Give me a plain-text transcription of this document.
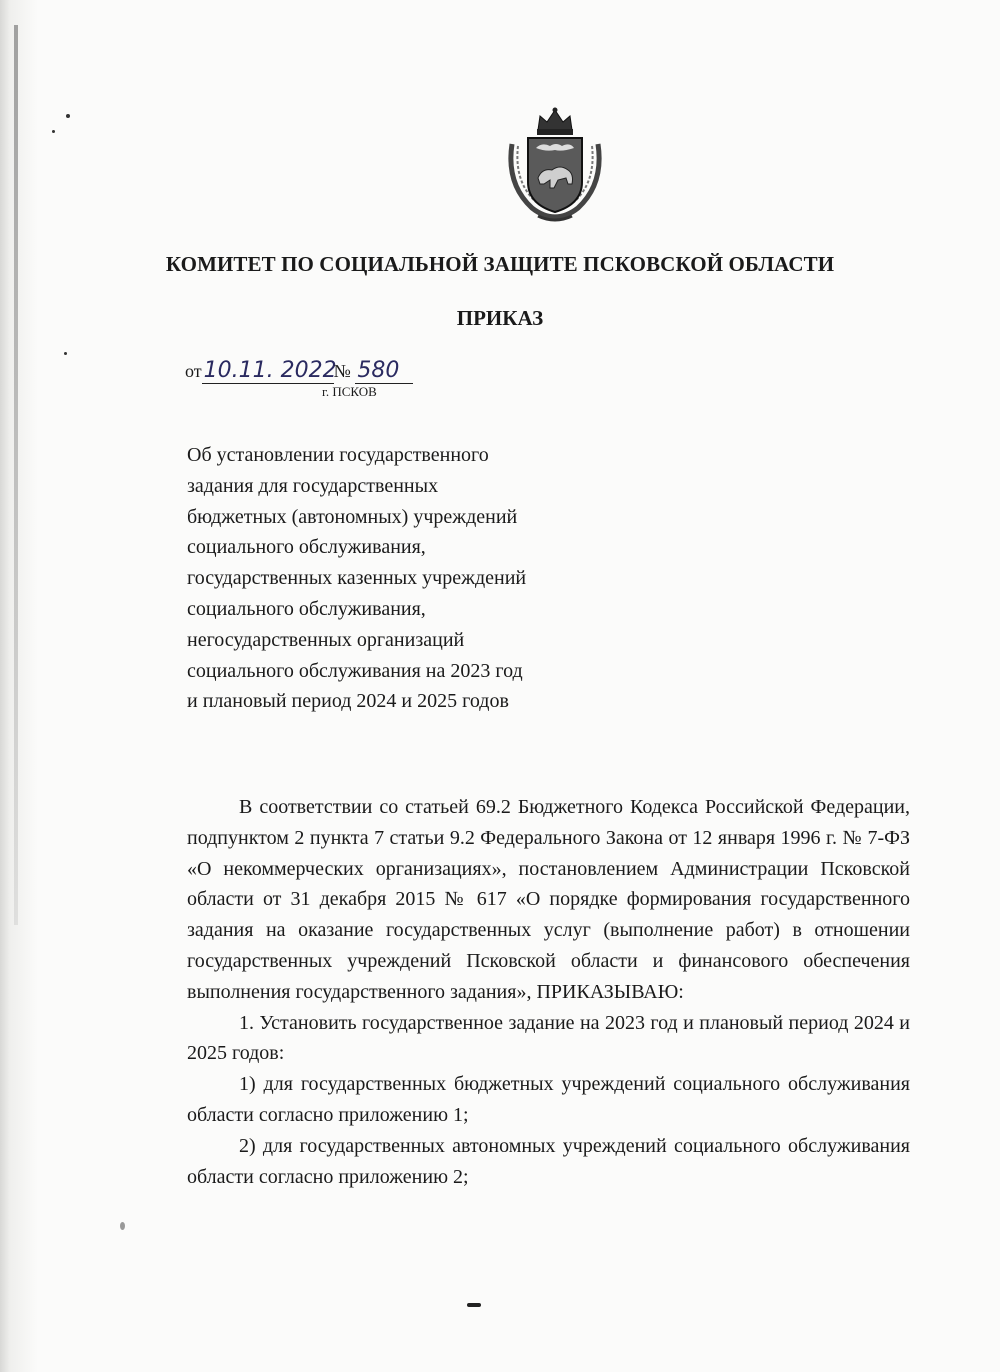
КОМИТЕТ ПО СОЦИАЛЬНОЙ ЗАЩИТЕ ПСКОВСКОЙ ОБЛАСТИ
ПРИКАЗ
от10.11. 2022№ 580
г. ПСКОВ
Об установлении государственного
задания для государственных
бюджетных (автономных) учреждений
социального обслуживания,
государственных казенных учреждений
социального обслуживания,
негосударственных организаций
социального обслуживания на 2023 год
и плановый период 2024 и 2025 годов

В соответствии со статьей 69.2 Бюджетного Кодекса Российской Федерации, подпунктом 2 пункта 7 статьи 9.2 Федерального Закона от 12 января 1996 г. № 7-ФЗ «О некоммерческих организациях», постановлением Администрации Псковской области от 31 декабря 2015 № 617 «О порядке формирования государственного задания на оказание государственных услуг (выполнение работ) в отношении государственных учреждений Псковской области и финансового обеспечения выполнения государственного задания», ПРИКАЗЫВАЮ:

1. Установить государственное задание на 2023 год и плановый период 2024 и 2025 годов:

1) для государственных бюджетных учреждений социального обслуживания области согласно приложению 1;

2) для государственных автономных учреждений социального обслуживания области согласно приложению 2;
